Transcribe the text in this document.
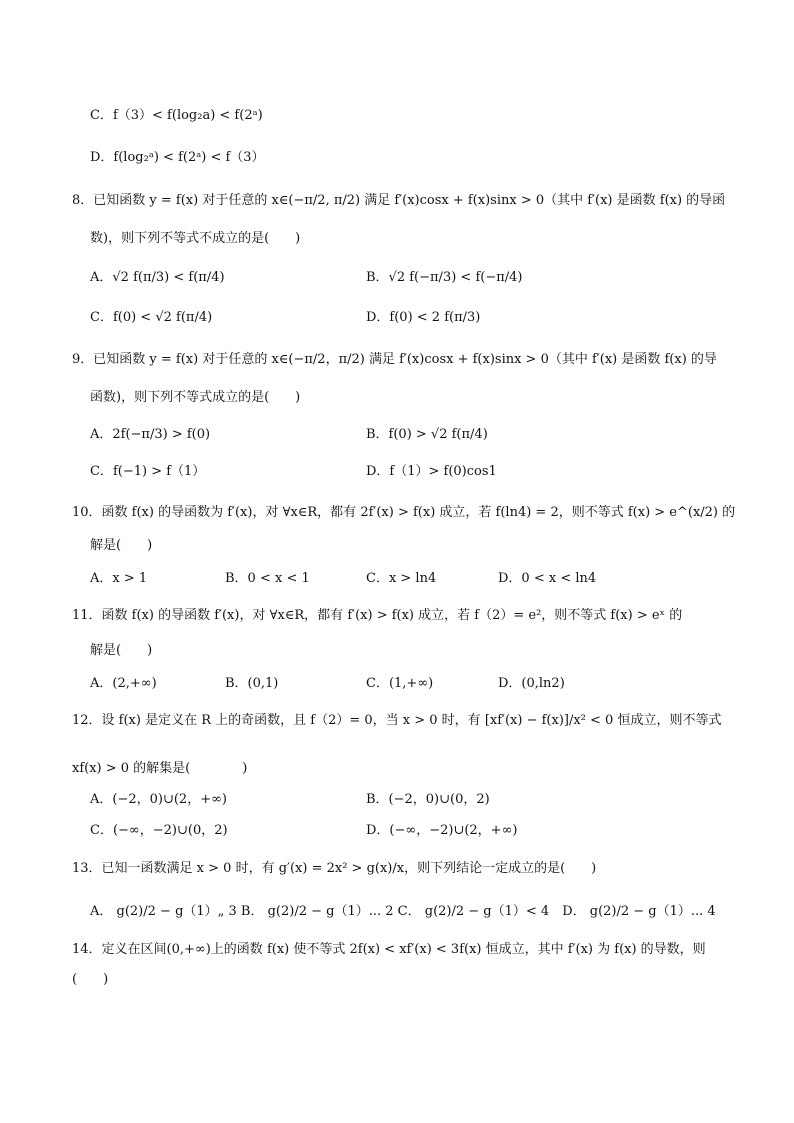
C．f（3）< f(log₂a) < f(2ᵃ)
D．f(log₂ᵃ) < f(2ᵃ) < f（3）
8．已知函数 y = f(x) 对于任意的 x∈(−π/2, π/2) 满足 f′(x)cosx + f(x)sinx > 0（其中 f′(x) 是函数 f(x) 的导函
数)，则下列不等式不成立的是(　　)
A．√2 f(π/3) < f(π/4)	B．√2 f(−π/3) < f(−π/4)
C．f(0) < √2 f(π/4)	D．f(0) < 2 f(π/3)
9．已知函数 y = f(x) 对于任意的 x∈(−π/2，π/2) 满足 f′(x)cosx + f(x)sinx > 0（其中 f′(x) 是函数 f(x) 的导
函数)，则下列不等式成立的是(　　)
A．2f(−π/3) > f(0)	B．f(0) > √2 f(π/4)
C．f(−1) > f（1）	D．f（1）> f(0)cos1
10．函数 f(x) 的导函数为 f′(x)，对 ∀x∈R，都有 2f′(x) > f(x) 成立，若 f(ln4) = 2，则不等式 f(x) > e^(x/2) 的
解是(　　)
A．x > 1	B．0 < x < 1	C．x > ln4	D．0 < x < ln4
11．函数 f(x) 的导函数 f′(x)，对 ∀x∈R，都有 f′(x) > f(x) 成立，若 f（2）= e²，则不等式 f(x) > eˣ 的
解是(　　)
A．(2,+∞)	B．(0,1)	C．(1,+∞)	D．(0,ln2)
12．设 f(x) 是定义在 R 上的奇函数，且 f（2）= 0，当 x > 0 时，有 [xf′(x) − f(x)]/x² < 0 恒成立，则不等式
xf(x) > 0 的解集是(　　　　)
A．(−2，0)∪(2，+∞)	B．(−2，0)∪(0，2)
C．(−∞，−2)∪(0，2)	D．(−∞，−2)∪(2，+∞)
13．已知一函数满足 x > 0 时，有 g′(x) = 2x² > g(x)/x，则下列结论一定成立的是(　　)
A． g(2)/2 − g（1）„ 3 B． g(2)/2 − g（1）... 2 C． g(2)/2 − g（1）< 4　D． g(2)/2 − g（1）... 4
14．定义在区间(0,+∞)上的函数 f(x) 使不等式 2f(x) < xf′(x) < 3f(x) 恒成立，其中 f′(x) 为 f(x) 的导数，则
(　　)
